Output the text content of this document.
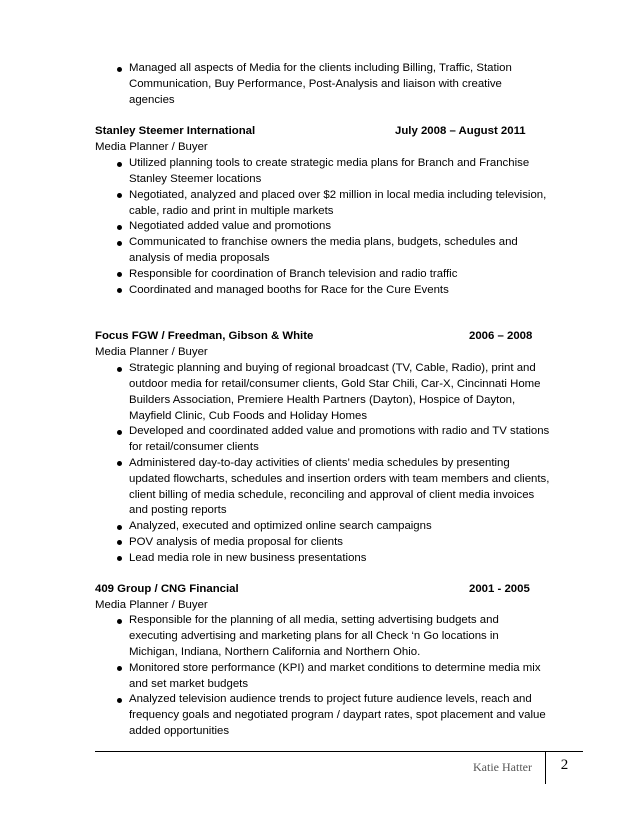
Managed all aspects of Media for the clients including Billing, Traffic, Station Communication, Buy Performance, Post-Analysis and liaison with creative agencies
Stanley Steemer International	July 2008 – August 2011
Media Planner / Buyer
Utilized planning tools to create strategic media plans for Branch and Franchise Stanley Steemer locations
Negotiated, analyzed and placed over $2 million in local media including television, cable, radio and print in multiple markets
Negotiated added value and promotions
Communicated to franchise owners the media plans, budgets, schedules and analysis of media proposals
Responsible for coordination of Branch television and radio traffic
Coordinated and managed booths for Race for the Cure Events
Focus FGW / Freedman, Gibson & White	2006 – 2008
Media Planner / Buyer
Strategic planning and buying of regional broadcast (TV, Cable, Radio), print and outdoor media for retail/consumer clients, Gold Star Chili, Car-X, Cincinnati Home Builders Association, Premiere Health Partners (Dayton), Hospice of Dayton, Mayfield Clinic, Cub Foods and Holiday Homes
Developed and coordinated added value and promotions with radio and TV stations for retail/consumer clients
Administered day-to-day activities of clients’ media schedules by presenting updated flowcharts, schedules and insertion orders with team members and clients, client billing of media schedule, reconciling and approval of client media invoices and posting reports
Analyzed, executed and optimized online search campaigns
POV analysis of media proposal for clients
Lead media role in new business presentations
409 Group / CNG Financial	2001 - 2005
Media Planner / Buyer
Responsible for the planning of all media, setting advertising budgets and executing advertising and marketing plans for all Check ‘n Go locations in Michigan, Indiana, Northern California and Northern Ohio.
Monitored store performance (KPI) and market conditions to determine media mix and set market budgets
Analyzed television audience trends to project future audience levels, reach and frequency goals and negotiated program / daypart rates, spot placement and value added opportunities
Katie Hatter	2
